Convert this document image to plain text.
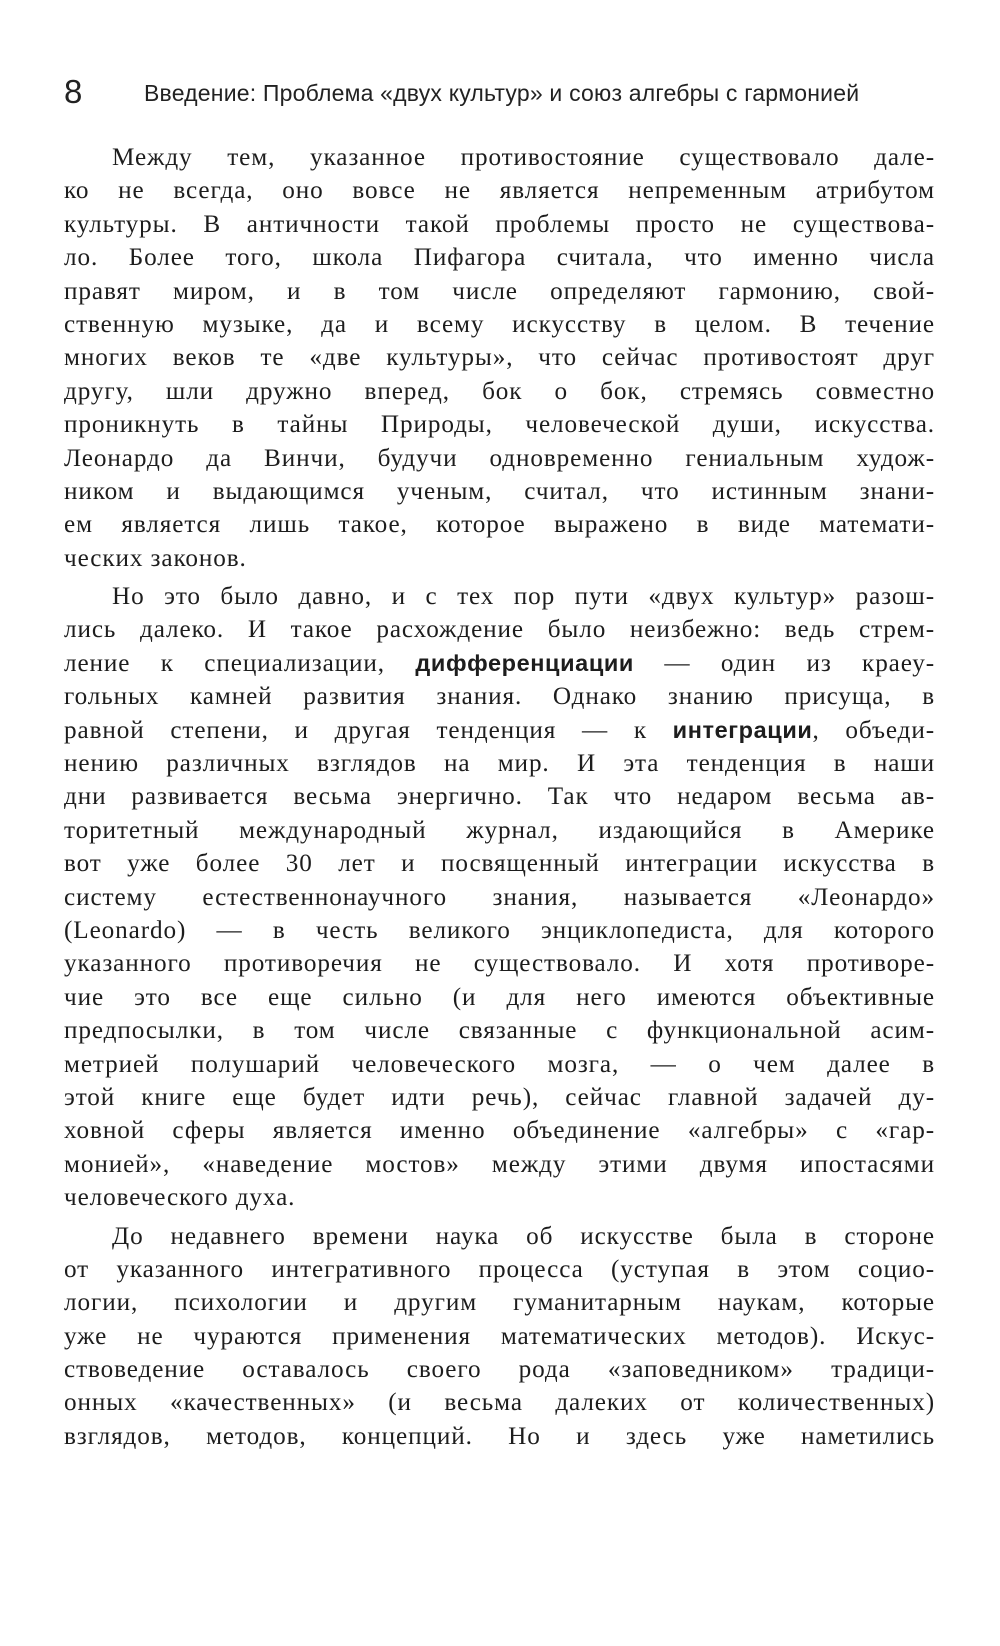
8	Введение: Проблема «двух культур» и союз алгебры с гармонией
Между тем, указанное противостояние существовало дале-
ко не всегда, оно вовсе не является непременным атрибутом
культуры. В античности такой проблемы просто не существова-
ло. Более того, школа Пифагора считала, что именно числа
правят миром, и в том числе определяют гармонию, свой-
ственную музыке, да и всему искусству в целом. В течение
многих веков те «две культуры», что сейчас противостоят друг
другу, шли дружно вперед, бок о бок, стремясь совместно
проникнуть в тайны Природы, человеческой души, искусства.
Леонардо да Винчи, будучи одновременно гениальным худож-
ником и выдающимся ученым, считал, что истинным знани-
ем является лишь такое, которое выражено в виде математи-
ческих законов.
Но это было давно, и с тех пор пути «двух культур» разош-
лись далеко. И такое расхождение было неизбежно: ведь стрем-
ление к специализации, дифференциации — один из краеу-
гольных камней развития знания. Однако знанию присуща, в
равной степени, и другая тенденция — к интеграции, объеди-
нению различных взглядов на мир. И эта тенденция в наши
дни развивается весьма энергично. Так что недаром весьма ав-
торитетный международный журнал, издающийся в Америке
вот уже более 30 лет и посвященный интеграции искусства в
систему естественнонаучного знания, называется «Леонардо»
(Leonardo) — в честь великого энциклопедиста, для которого
указанного противоречия не существовало. И хотя противоре-
чие это все еще сильно (и для него имеются объективные
предпосылки, в том числе связанные с функциональной асим-
метрией полушарий человеческого мозга, — о чем далее в
этой книге еще будет идти речь), сейчас главной задачей ду-
ховной сферы является именно объединение «алгебры» с «гар-
монией», «наведение мостов» между этими двумя ипостасями
человеческого духа.
До недавнего времени наука об искусстве была в стороне
от указанного интегративного процесса (уступая в этом социо-
логии, психологии и другим гуманитарным наукам, которые
уже не чураются применения математических методов). Искус-
ствоведение оставалось своего рода «заповедником» традици-
онных «качественных» (и весьма далеких от количественных)
взглядов, методов, концепций. Но и здесь уже наметились
